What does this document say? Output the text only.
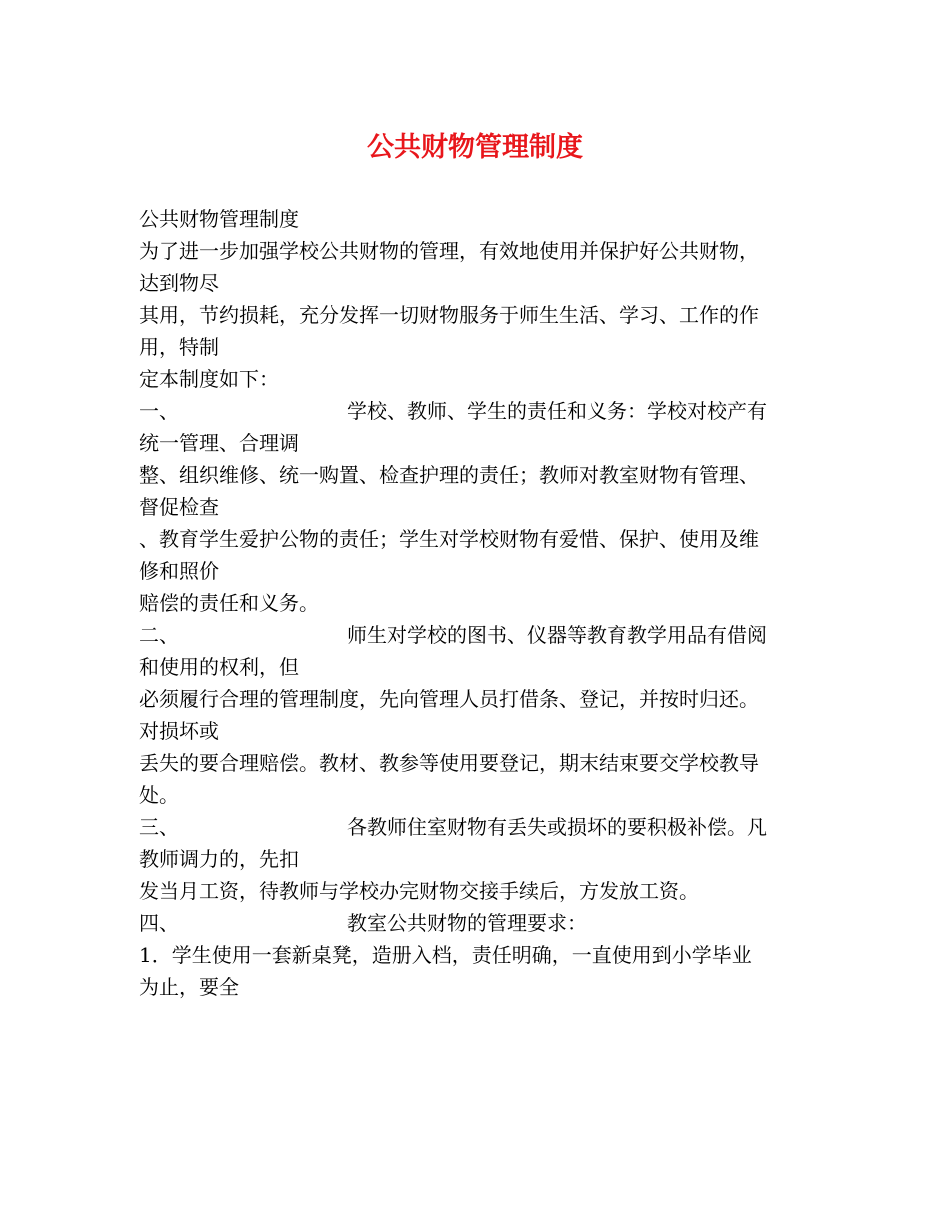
公共财物管理制度
公共财物管理制度
为了进一步加强学校公共财物的管理，有效地使用并保护好公共财物，
达到物尽
其用，节约损耗，充分发挥一切财物服务于师生生活、学习、工作的作
用，特制
定本制度如下：
一、	学校、教师、学生的责任和义务：学校对校产有
统一管理、合理调
整、组织维修、统一购置、检查护理的责任；教师对教室财物有管理、
督促检查
、教育学生爱护公物的责任；学生对学校财物有爱惜、保护、使用及维
修和照价
赔偿的责任和义务。
二、	师生对学校的图书、仪器等教育教学用品有借阅
和使用的权利，但
必须履行合理的管理制度，先向管理人员打借条、登记，并按时归还。
对损坏或
丢失的要合理赔偿。教材、教参等使用要登记，期末结束要交学校教导
处。
三、	各教师住室财物有丢失或损坏的要积极补偿。凡
教师调力的，先扣
发当月工资，待教师与学校办完财物交接手续后，方发放工资。
四、	教室公共财物的管理要求：
1．学生使用一套新桌凳，造册入档，责任明确，一直使用到小学毕业
为止，要全
